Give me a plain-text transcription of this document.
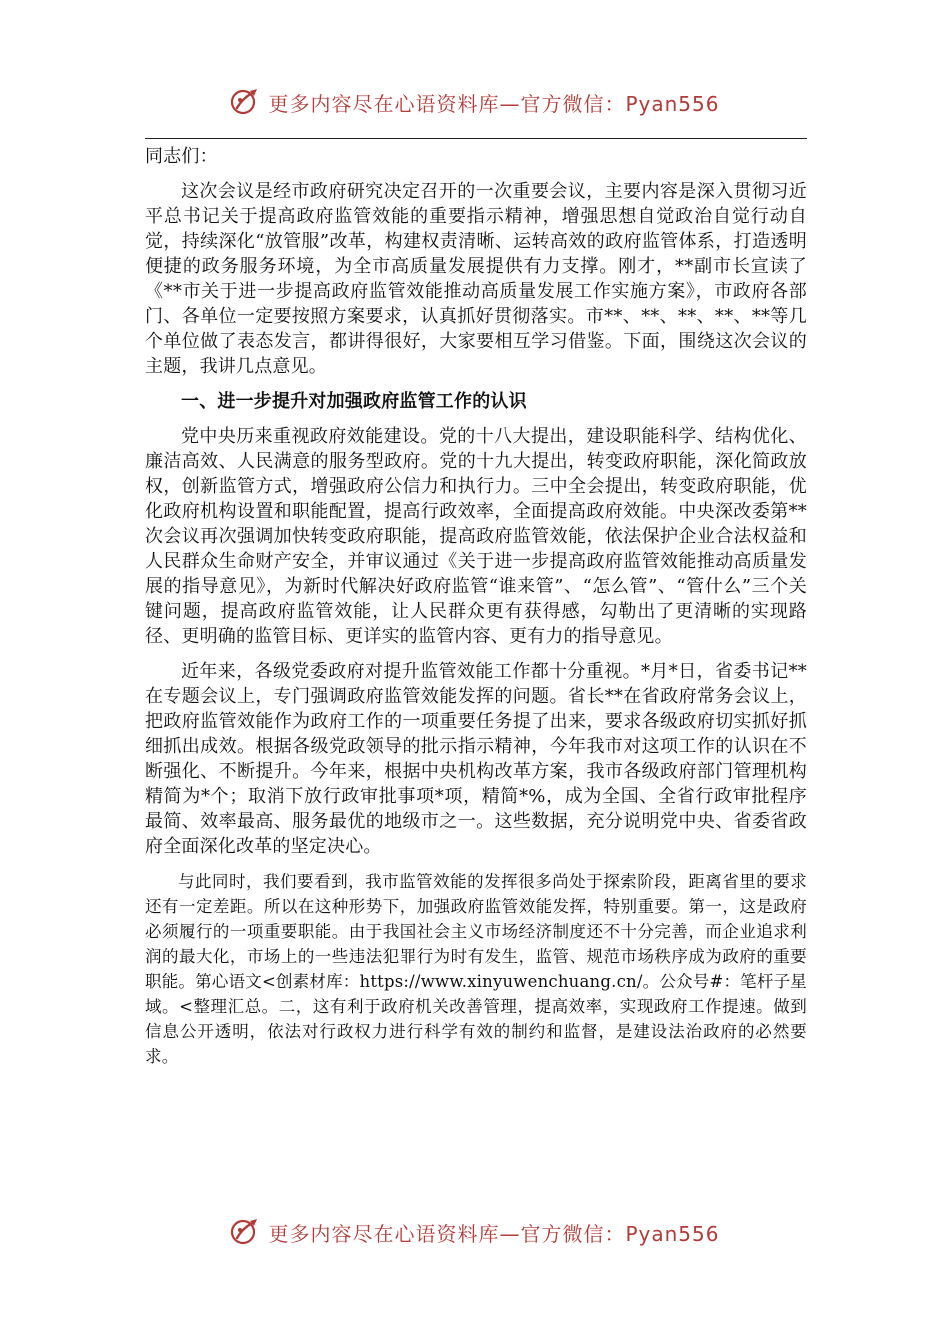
更多内容尽在心语资料库—官方微信：Pyan556

同志们：

这次会议是经市政府研究决定召开的一次重要会议，主要内容是深入贯彻习近平总书记关于提高政府监管效能的重要指示精神，增强思想自觉政治自觉行动自觉，持续深化“放管服”改革，构建权责清晰、运转高效的政府监管体系，打造透明便捷的政务服务环境，为全市高质量发展提供有力支撑。刚才，**副市长宣读了《**市关于进一步提高政府监管效能推动高质量发展工作实施方案》，市政府各部门、各单位一定要按照方案要求，认真抓好贯彻落实。市**、**、**、**、**等几个单位做了表态发言，都讲得很好，大家要相互学习借鉴。下面，围绕这次会议的主题，我讲几点意见。

一、进一步提升对加强政府监管工作的认识

党中央历来重视政府效能建设。党的十八大提出，建设职能科学、结构优化、廉洁高效、人民满意的服务型政府。党的十九大提出，转变政府职能，深化简政放权，创新监管方式，增强政府公信力和执行力。三中全会提出，转变政府职能，优化政府机构设置和职能配置，提高行政效率，全面提高政府效能。中央深改委第**次会议再次强调加快转变政府职能，提高政府监管效能，依法保护企业合法权益和人民群众生命财产安全，并审议通过《关于进一步提高政府监管效能推动高质量发展的指导意见》，为新时代解决好政府监管“谁来管”、“怎么管”、“管什么”三个关键问题，提高政府监管效能，让人民群众更有获得感，勾勒出了更清晰的实现路径、更明确的监管目标、更详实的监管内容、更有力的指导意见。

近年来，各级党委政府对提升监管效能工作都十分重视。*月*日，省委书记**在专题会议上，专门强调政府监管效能发挥的问题。省长**在省政府常务会议上，把政府监管效能作为政府工作的一项重要任务提了出来，要求各级政府切实抓好抓细抓出成效。根据各级党政领导的批示指示精神，今年我市对这项工作的认识在不断强化、不断提升。今年来，根据中央机构改革方案，我市各级政府部门管理机构精简为*个；取消下放行政审批事项*项，精简*%，成为全国、全省行政审批程序最简、效率最高、服务最优的地级市之一。这些数据，充分说明党中央、省委省政府全面深化改革的坚定决心。

与此同时，我们要看到，我市监管效能的发挥很多尚处于探索阶段，距离省里的要求还有一定差距。所以在这种形势下，加强政府监管效能发挥，特别重要。第一，这是政府必须履行的一项重要职能。由于我国社会主义市场经济制度还不十分完善，而企业追求利润的最大化，市场上的一些违法犯罪行为时有发生，监管、规范市场秩序成为政府的重要职能。第心语文<创素材库：https://www.xinyuwenchuang.cn/。公众号#：笔杆子星域。<整理汇总。二，这有利于政府机关改善管理，提高效率，实现政府工作提速。做到信息公开透明，依法对行政权力进行科学有效的制约和监督，是建设法治政府的必然要求。

更多内容尽在心语资料库—官方微信：Pyan556
